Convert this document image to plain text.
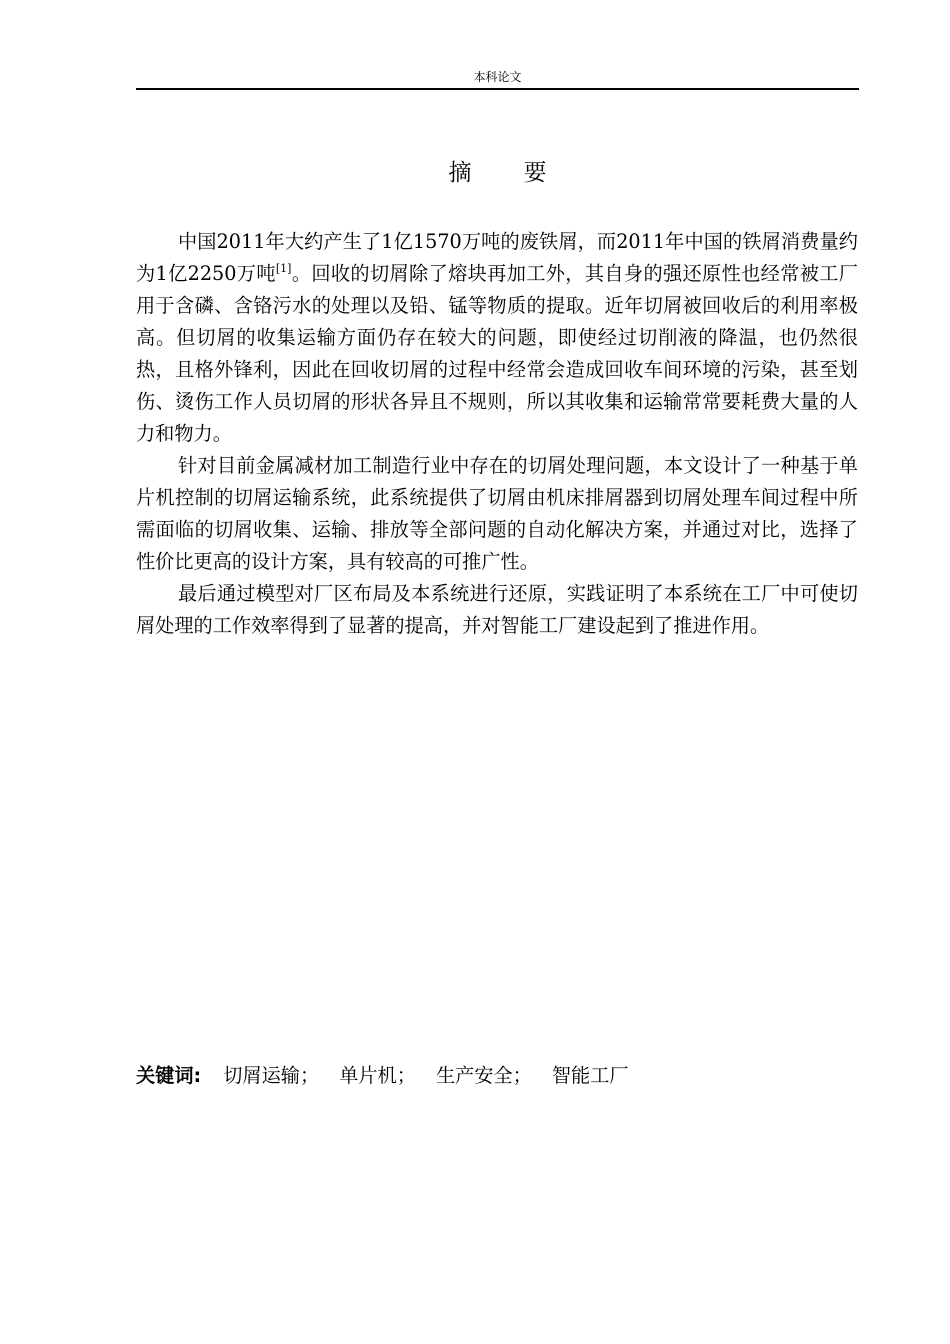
本科论文
摘要

中国2011年大约产生了1亿1570万吨的废铁屑，而2011年中国的铁屑消费量约为1亿2250万吨[1]。回收的切屑除了熔块再加工外，其自身的强还原性也经常被工厂用于含磷、含铬污水的处理以及铅、锰等物质的提取。近年切屑被回收后的利用率极高。但切屑的收集运输方面仍存在较大的问题，即使经过切削液的降温，也仍然很热，且格外锋利，因此在回收切屑的过程中经常会造成回收车间环境的污染，甚至划伤、烫伤工作人员切屑的形状各异且不规则，所以其收集和运输常常要耗费大量的人力和物力。

针对目前金属减材加工制造行业中存在的切屑处理问题，本文设计了一种基于单片机控制的切屑运输系统，此系统提供了切屑由机床排屑器到切屑处理车间过程中所需面临的切屑收集、运输、排放等全部问题的自动化解决方案，并通过对比，选择了性价比更高的设计方案，具有较高的可推广性。

最后通过模型对厂区布局及本系统进行还原，实践证明了本系统在工厂中可使切屑处理的工作效率得到了显著的提高，并对智能工厂建设起到了推进作用。

关键词: 切屑运输； 单片机； 生产安全； 智能工厂
